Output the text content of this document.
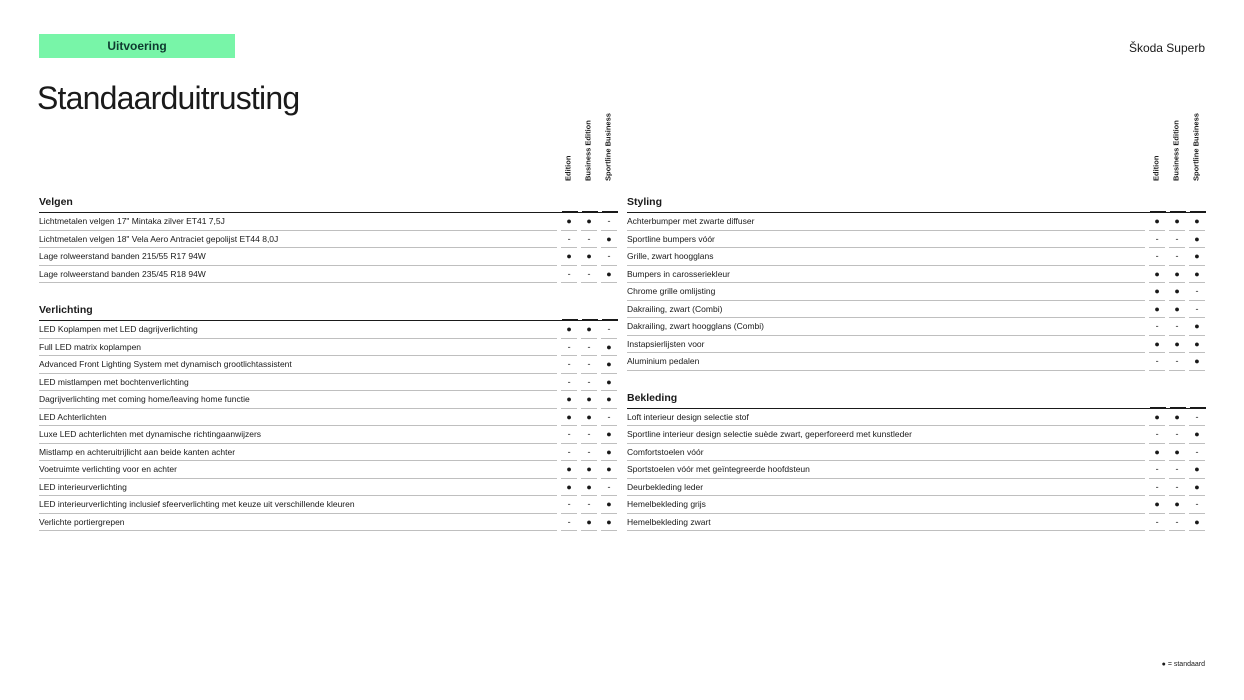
Uitvoering	Škoda Superb
Standaarduitrusting
Edition Business Edition Sportline Business
Velgen
Lichtmetalen velgen 17" Mintaka zilver ET41 7,5J	●	●	-
Lichtmetalen velgen 18" Vela Aero Antraciet gepolijst ET44 8,0J	-	-	●
Lage rolweerstand banden 215/55 R17 94W	●	●	-
Lage rolweerstand banden 235/45 R18 94W	-	-	●
Verlichting
LED Koplampen met LED dagrijverlichting	●	●	-
Full LED matrix koplampen	-	-	●
Advanced Front Lighting System met dynamisch grootlichtassistent	-	-	●
LED mistlampen met bochtenverlichting	-	-	●
Dagrijverlichting met coming home/leaving home functie	●	●	●
LED Achterlichten	●	●	-
Luxe LED achterlichten met dynamische richtingaanwijzers	-	-	●
Mistlamp en achteruitrijlicht aan beide kanten achter	-	-	●
Voetruimte verlichting voor en achter	●	●	●
LED interieurverlichting	●	●	-
LED interieurverlichting inclusief sfeerverlichting met keuze uit verschillende kleuren	-	-	●
Verlichte portiergrepen	-	●	●
Edition Business Edition Sportline Business
Styling
Achterbumper met zwarte diffuser	●	●	●
Sportline bumpers vóór	-	-	●
Grille, zwart hoogglans	-	-	●
Bumpers in carosseriekleur	●	●	●
Chrome grille omlijsting	●	●	-
Dakrailing, zwart (Combi)	●	●	-
Dakrailing, zwart hoogglans (Combi)	-	-	●
Instapsierlijsten voor	●	●	●
Aluminium pedalen	-	-	●
Bekleding
Loft interieur design selectie stof	●	●	-
Sportline interieur design selectie suède zwart, geperforeerd met kunstleder	-	-	●
Comfortstoelen vóór	●	●	-
Sportstoelen vóór met geïntegreerde hoofdsteun	-	-	●
Deurbekleding leder	-	-	●
Hemelbekleding grijs	●	●	-
Hemelbekleding zwart	-	-	●
● = standaard
